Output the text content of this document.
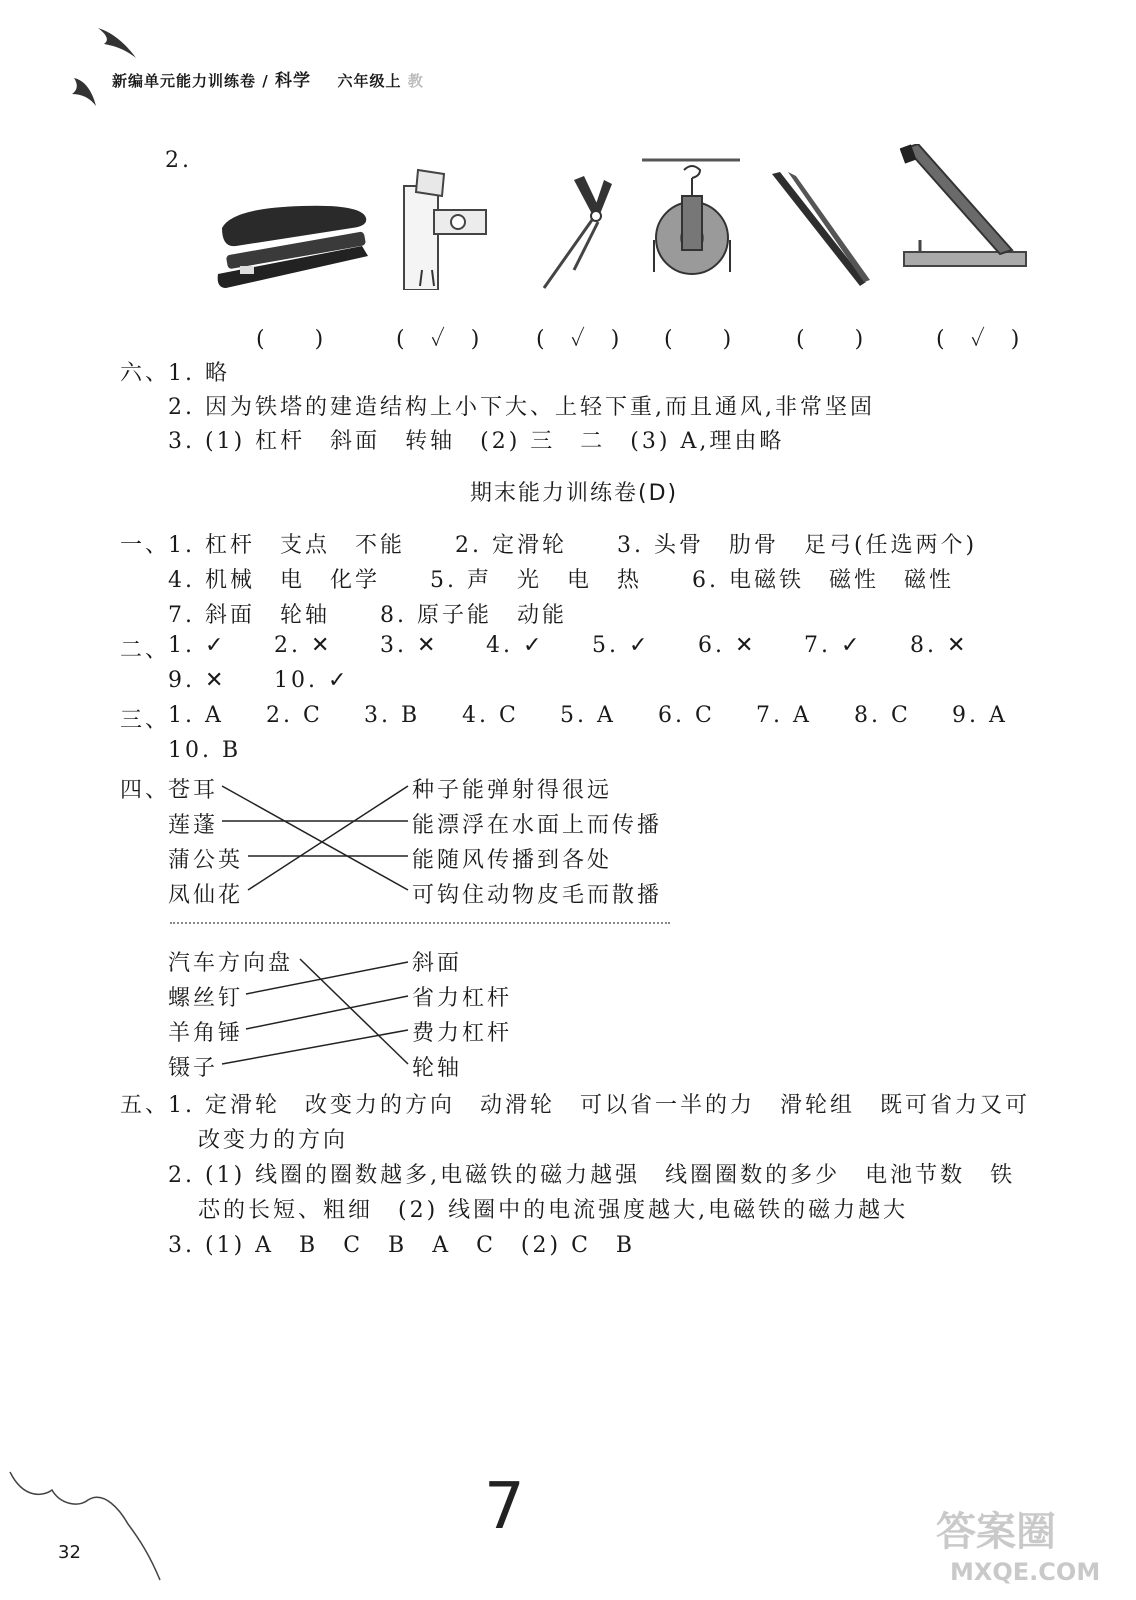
新编单元能力训练卷 / 科学 六年级上 教
2.
(　　)	(　✓　) (　✓　) (　　)	(　　)	(　✓　)
六、
1. 略
2. 因为铁塔的建造结构上小下大、上轻下重,而且通风,非常坚固
3. (1) 杠杆　斜面　转轴　(2) 三　二　(3) A,理由略
期末能力训练卷(D)
一、
1. 杠杆　支点　不能　　2. 定滑轮　　3. 头骨　肋骨　足弓(任选两个)
4. 机械　电　化学　　5. 声　光　电　热　　6. 电磁铁　磁性　磁性
7. 斜面　轮轴　　8. 原子能　动能
二、
1. ✓ 2. ✕ 3. ✕ 4. ✓ 5. ✓ 6. ✕ 7. ✓ 8. ✕
9. ✕ 10. ✓
三、
1. A 2. C 3. B 4. C 5. A 6. C 7. A 8. C 9. A
10. B
四、
苍耳
莲蓬
蒲公英
凤仙花
种子能弹射得很远
能漂浮在水面上而传播
能随风传播到各处
可钩住动物皮毛而散播
汽车方向盘
螺丝钉
羊角锤
镊子
斜面
省力杠杆
费力杠杆
轮轴
五、
1. 定滑轮　改变力的方向　动滑轮　可以省一半的力　滑轮组　既可省力又可
改变力的方向
2. (1) 线圈的圈数越多,电磁铁的磁力越强　线圈圈数的多少　电池节数　铁
芯的长短、粗细　(2) 线圈中的电流强度越大,电磁铁的磁力越大
3. (1) A　B　C　B　A　C　(2) C　B
32
7	答案圈
MXQE.COM
